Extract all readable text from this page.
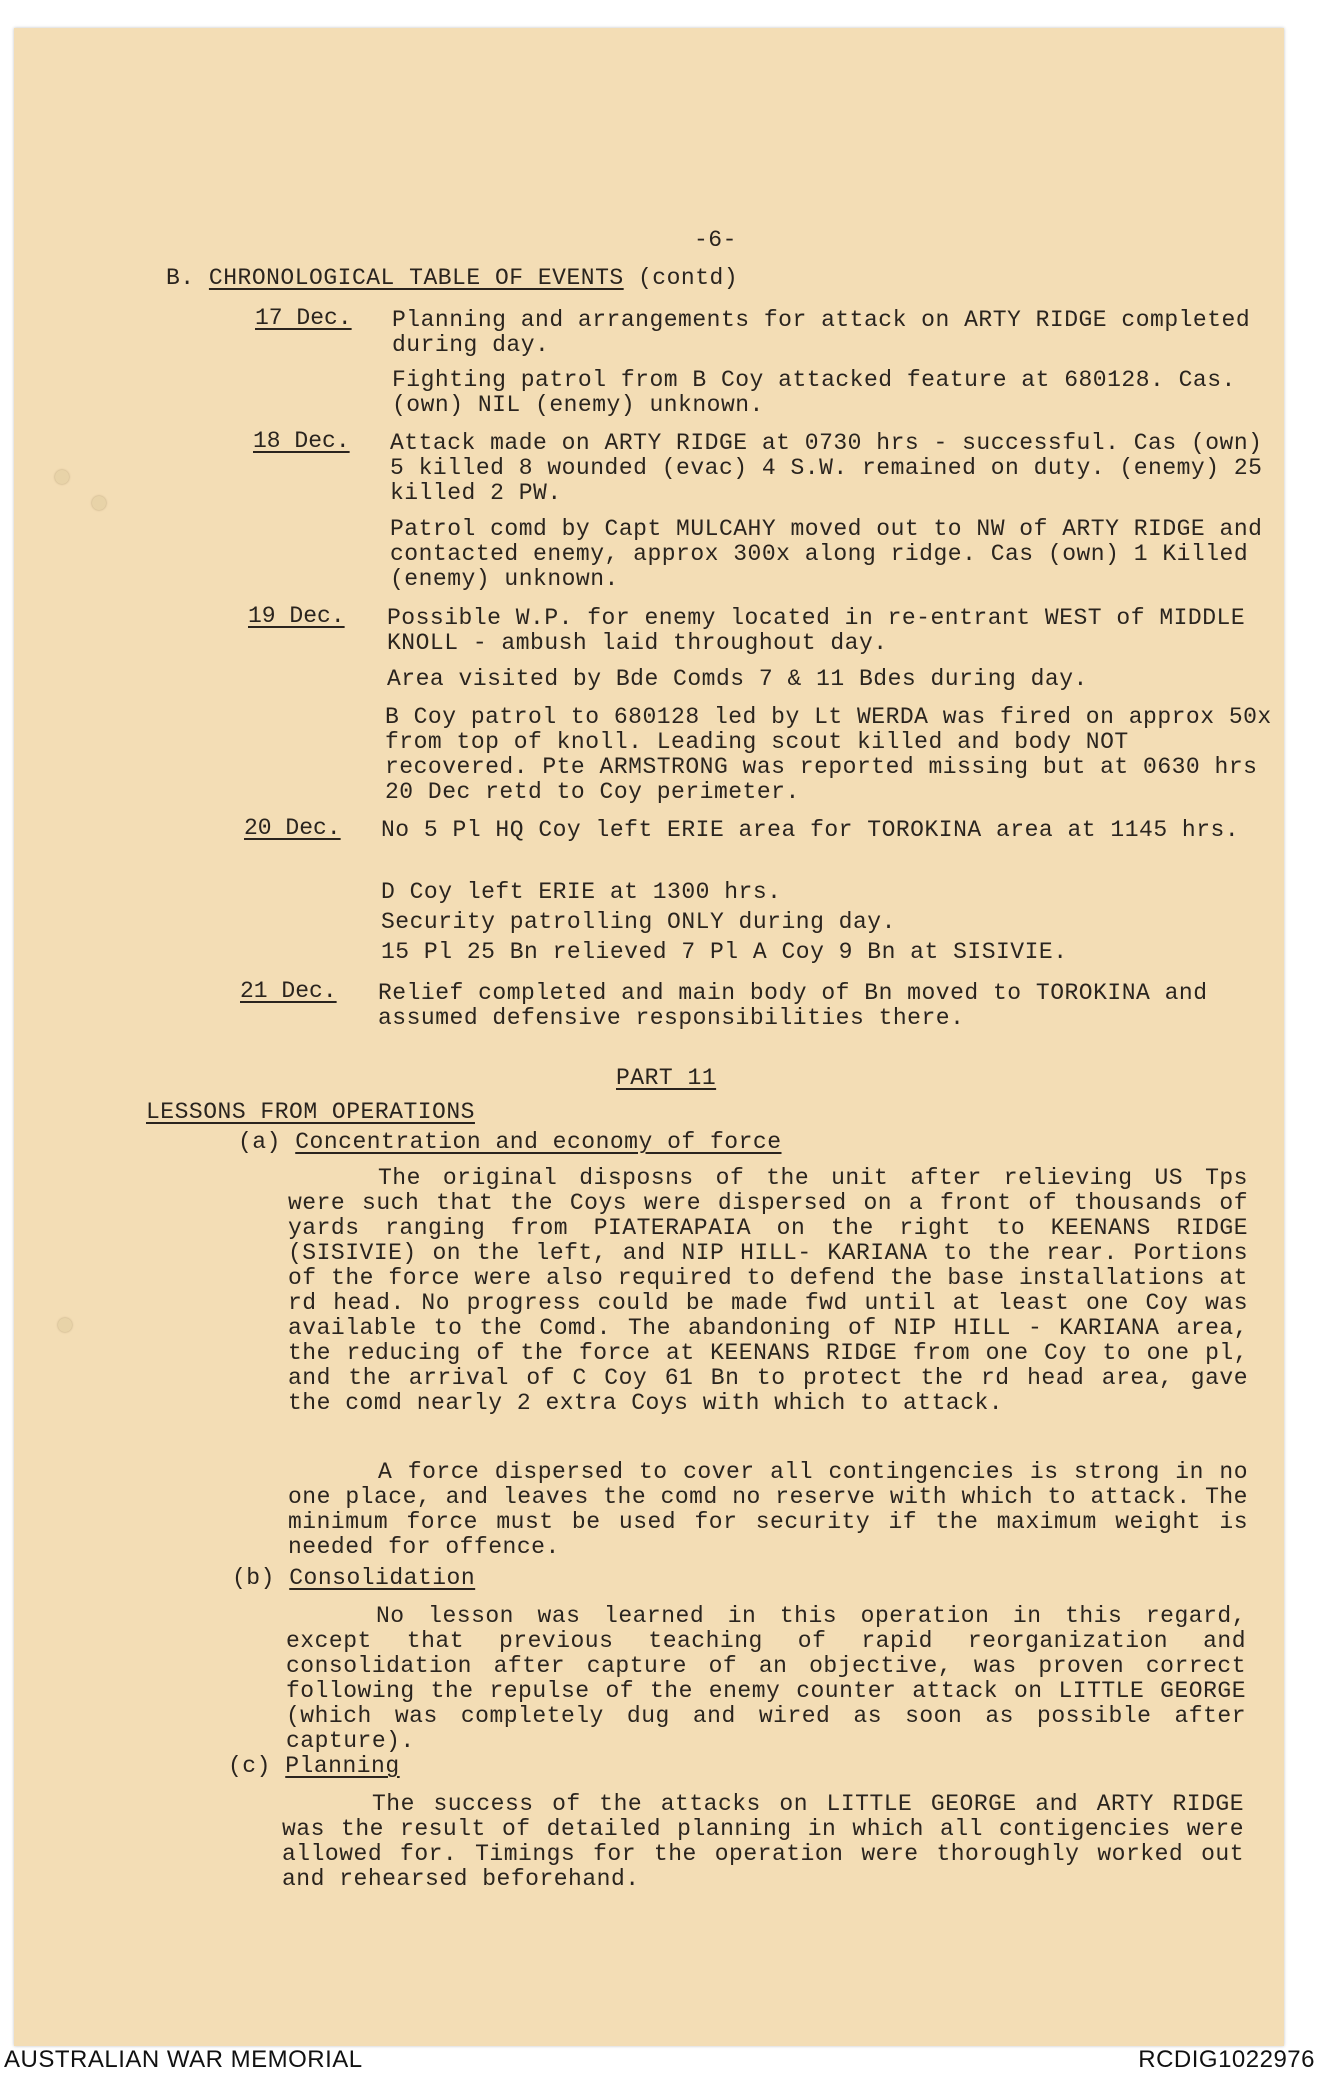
-6-
B. CHRONOLOGICAL TABLE OF EVENTS (contd)
17 Dec. Planning and arrangements for attack on ARTY RIDGE completed during day.
Fighting patrol from B Coy attacked feature at 680128. Cas. (own) NIL (enemy) unknown.
18 Dec. Attack made on ARTY RIDGE at 0730 hrs - successful. Cas (own) 5 killed 8 wounded (evac) 4 S.W. remained on duty. (enemy) 25 killed 2 PW.
Patrol comd by Capt MULCAHY moved out to NW of ARTY RIDGE and contacted enemy, approx 300x along ridge. Cas (own) 1 Killed (enemy) unknown.
19 Dec. Possible W.P. for enemy located in re-entrant WEST of MIDDLE KNOLL - ambush laid throughout day.
Area visited by Bde Comds 7 & 11 Bdes during day.
B Coy patrol to 680128 led by Lt WERDA was fired on approx 50x from top of knoll. Leading scout killed and body NOT recovered. Pte ARMSTRONG was reported missing but at 0630 hrs 20 Dec retd to Coy perimeter.
20 Dec. No 5 Pl HQ Coy left ERIE area for TOROKINA area at 1145 hrs.
D Coy left ERIE at 1300 hrs.
Security patrolling ONLY during day.
15 Pl 25 Bn relieved 7 Pl A Coy 9 Bn at SISIVIE.
21 Dec. Relief completed and main body of Bn moved to TOROKINA and assumed defensive responsibilities there.
PART 11
LESSONS FROM OPERATIONS
(a) Concentration and economy of force
The original disposns of the unit after relieving US Tps were such that the Coys were dispersed on a front of thousands of yards ranging from PIATERAPAIA on the right to KEENANS RIDGE (SISIVIE) on the left, and NIP HILL- KARIANA to the rear. Portions of the force were also required to defend the base installations at rd head. No progress could be made fwd until at least one Coy was available to the Comd. The abandoning of NIP HILL - KARIANA area, the reducing of the force at KEENANS RIDGE from one Coy to one pl, and the arrival of C Coy 61 Bn to protect the rd head area, gave the comd nearly 2 extra Coys with which to attack.
A force dispersed to cover all contingencies is strong in no one place, and leaves the comd no reserve with which to attack. The minimum force must be used for security if the maximum weight is needed for offence.
(b) Consolidation
No lesson was learned in this operation in this regard, except that previous teaching of rapid reorganization and consolidation after capture of an objective, was proven correct following the repulse of the enemy counter attack on LITTLE GEORGE (which was completely dug and wired as soon as possible after capture).
(c) Planning
The success of the attacks on LITTLE GEORGE and ARTY RIDGE was the result of detailed planning in which all contigencies were allowed for. Timings for the operation were thoroughly worked out and rehearsed beforehand.
AUSTRALIAN WAR MEMORIAL	RCDIG1022976
